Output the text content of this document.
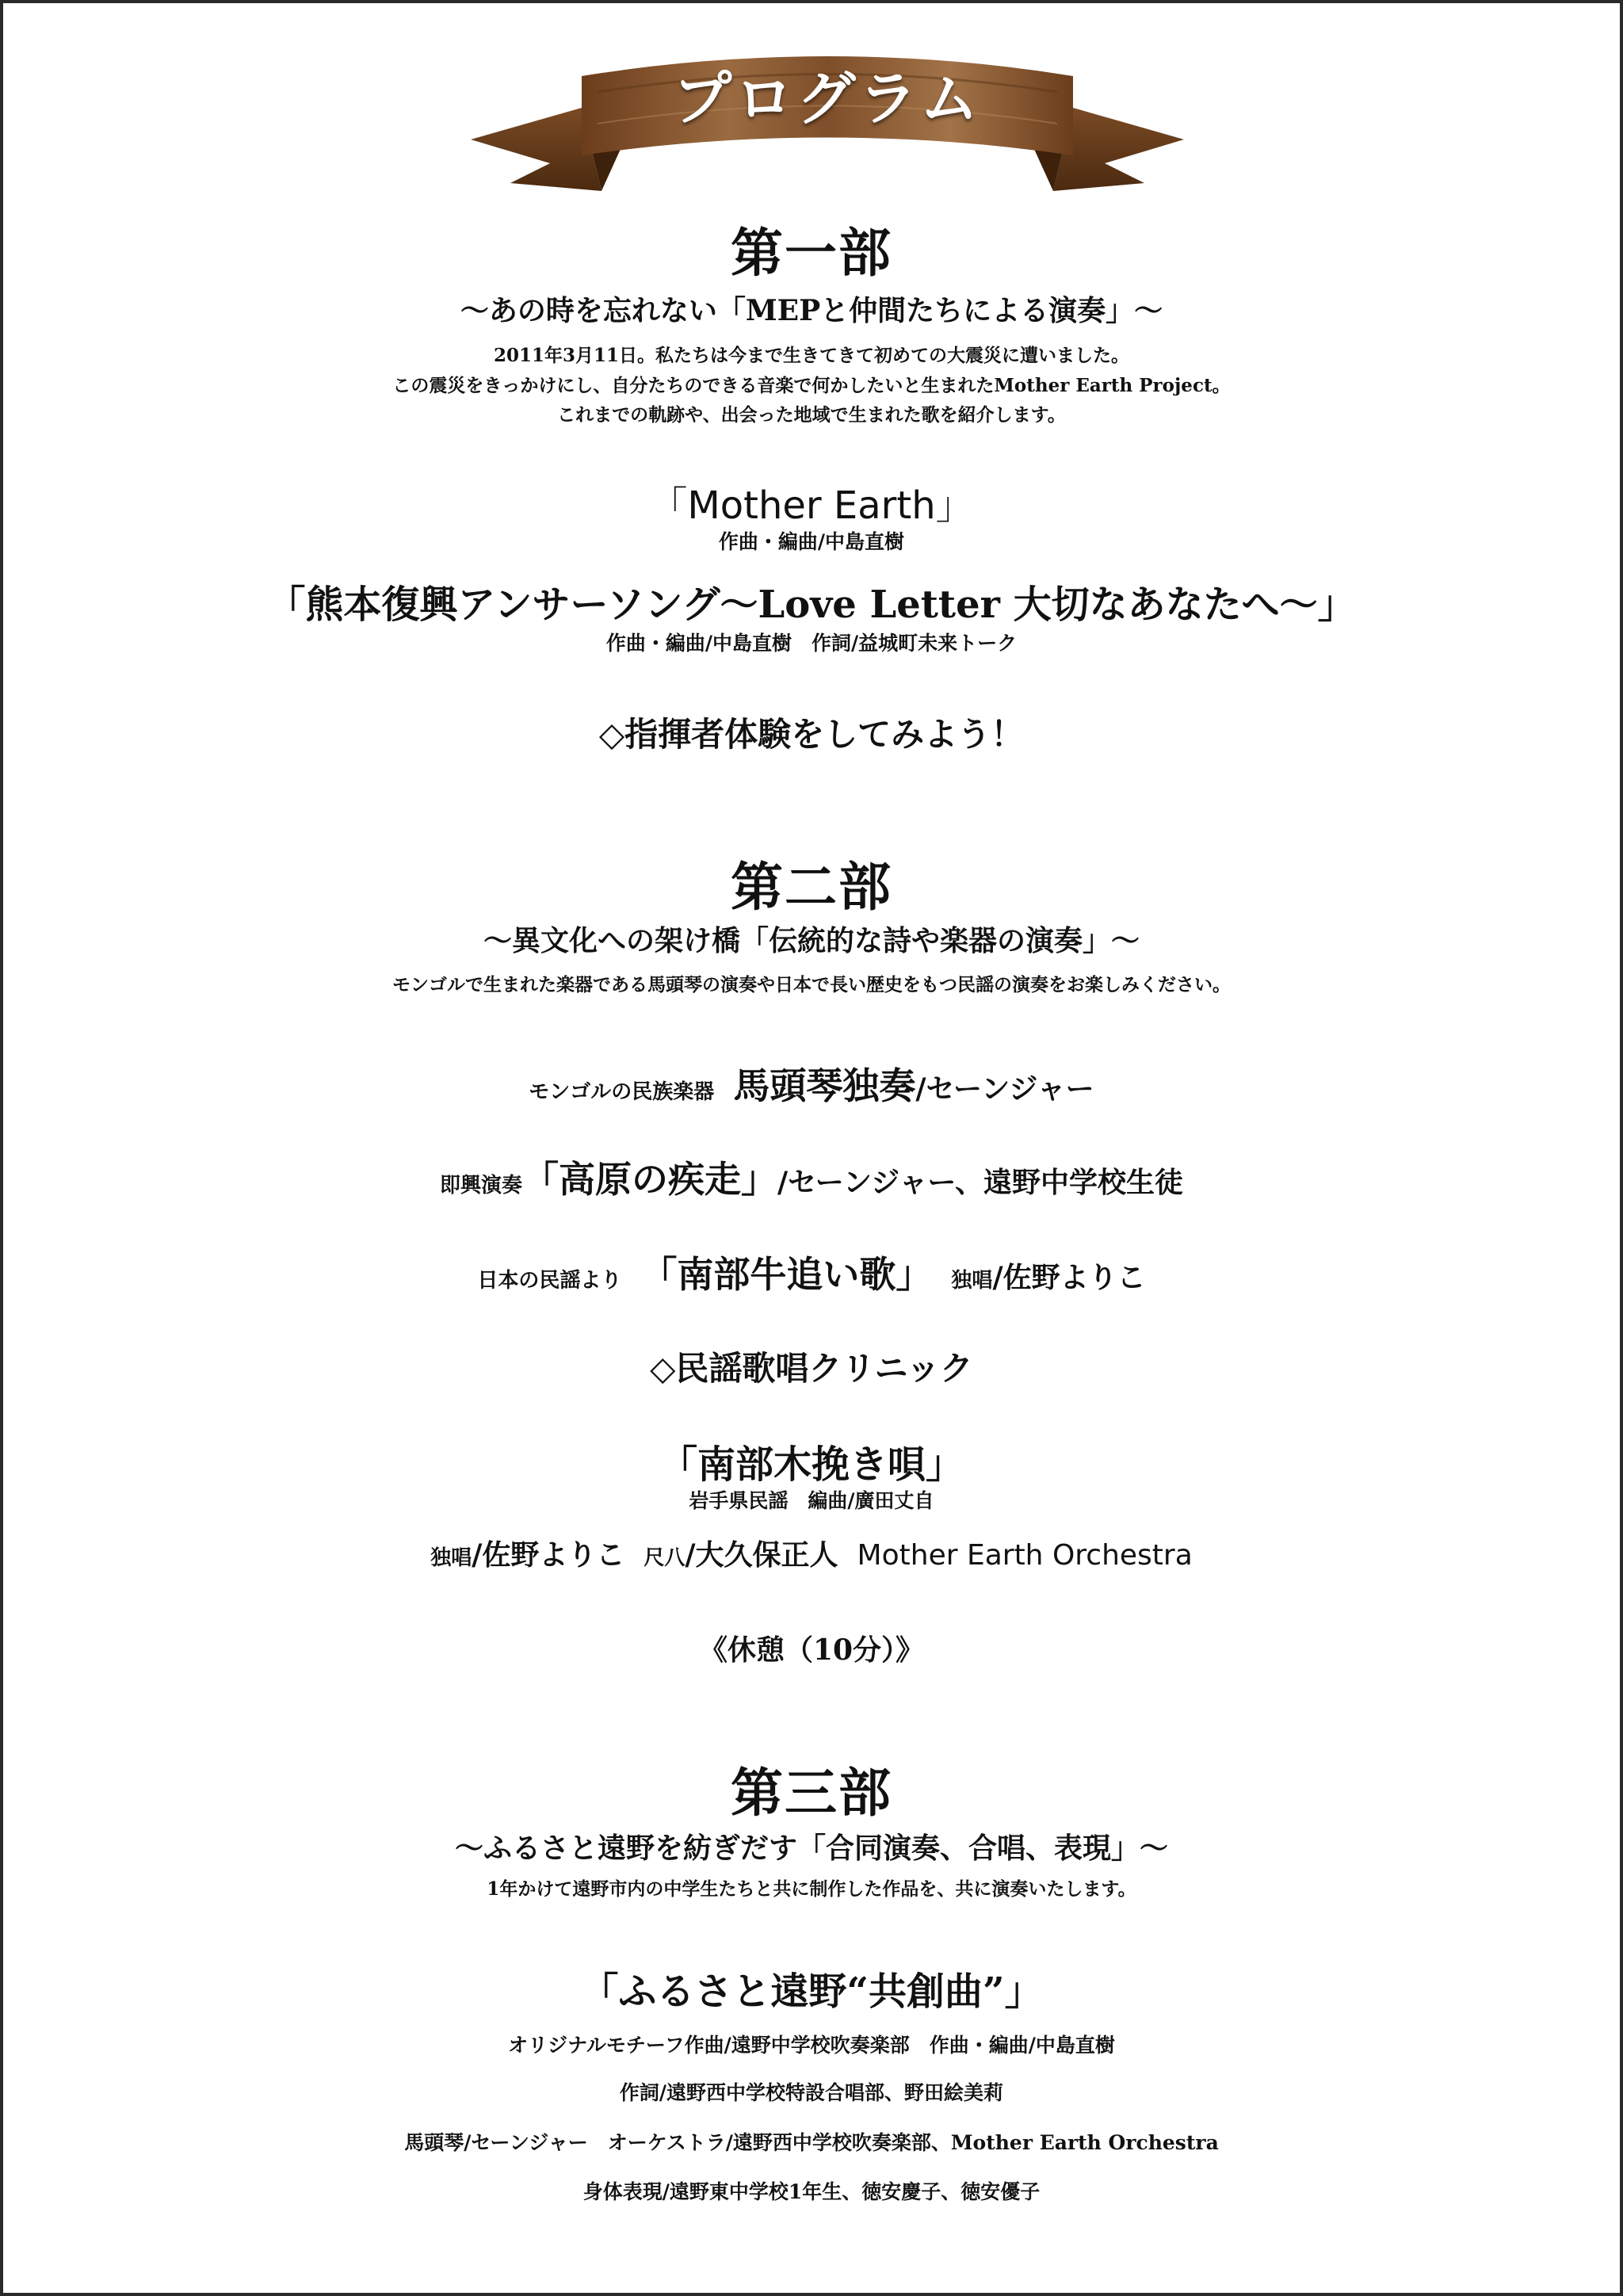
プログラム
第一部
～あの時を忘れない「MEPと仲間たちによる演奏」～
2011年3月11日。私たちは今まで生きてきて初めての大震災に遭いました。
この震災をきっかけにし、自分たちのできる音楽で何かしたいと生まれたMother Earth Project。
これまでの軌跡や、出会った地域で生まれた歌を紹介します。
「Mother Earth」
作曲・編曲/中島直樹
「熊本復興アンサーソング～Love Letter 大切なあなたへ～」
作曲・編曲/中島直樹　作詞/益城町未来トーク
◇指揮者体験をしてみよう！
第二部
～異文化への架け橋「伝統的な詩や楽器の演奏」～
モンゴルで生まれた楽器である馬頭琴の演奏や日本で長い歴史をもつ民謡の演奏をお楽しみください。
モンゴルの民族楽器 馬頭琴独奏/セーンジャー
即興演奏「高原の疾走」/セーンジャー、遠野中学校生徒
日本の民謡より 「南部牛追い歌」 独唱/佐野よりこ
◇民謡歌唱クリニック
「南部木挽き唄」
岩手県民謡　編曲/廣田丈自
独唱/佐野よりこ 尺八/大久保正人 Mother Earth Orchestra
《休憩（10分）》
第三部
～ふるさと遠野を紡ぎだす「合同演奏、合唱、表現」～
1年かけて遠野市内の中学生たちと共に制作した作品を、共に演奏いたします。
「ふるさと遠野“共創曲”」
オリジナルモチーフ作曲/遠野中学校吹奏楽部　作曲・編曲/中島直樹
作詞/遠野西中学校特設合唱部、野田絵美莉
馬頭琴/セーンジャー　オーケストラ/遠野西中学校吹奏楽部、Mother Earth Orchestra
身体表現/遠野東中学校1年生、徳安慶子、徳安優子
